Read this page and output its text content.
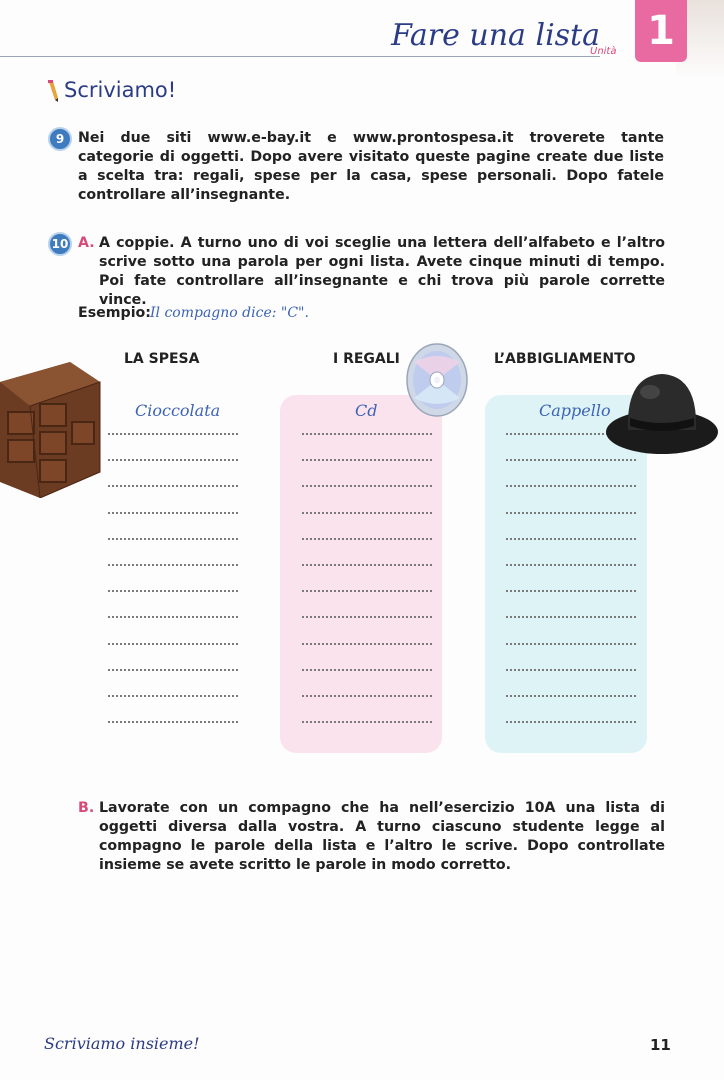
Fare una lista
Unità 1
Scriviamo!
9 Nei due siti www.e-bay.it e www.prontospesa.it troverete tante categorie di oggetti. Dopo avere visitato queste pagine create due liste a scelta tra: regali, spese per la casa, spese personali. Dopo fatele controllare all’insegnante.
10 A. A coppie. A turno uno di voi sceglie una lettera dell’alfabeto e l’altro scrive sotto una parola per ogni lista. Avete cinque minuti di tempo. Poi fate controllare all’insegnante e chi trova più parole corrette vince.
Esempio: Il compagno dice: "C".
LA SPESA	I REGALI	L’ABBIGLIAMENTO
Cioccolata	Cd	Cappello
B. Lavorate con un compagno che ha nell’esercizio 10A una lista di oggetti diversa dalla vostra. A turno ciascuno studente legge al compagno le parole della lista e l’altro le scrive. Dopo controllate insieme se avete scritto le parole in modo corretto.
Scriviamo insieme!	11
